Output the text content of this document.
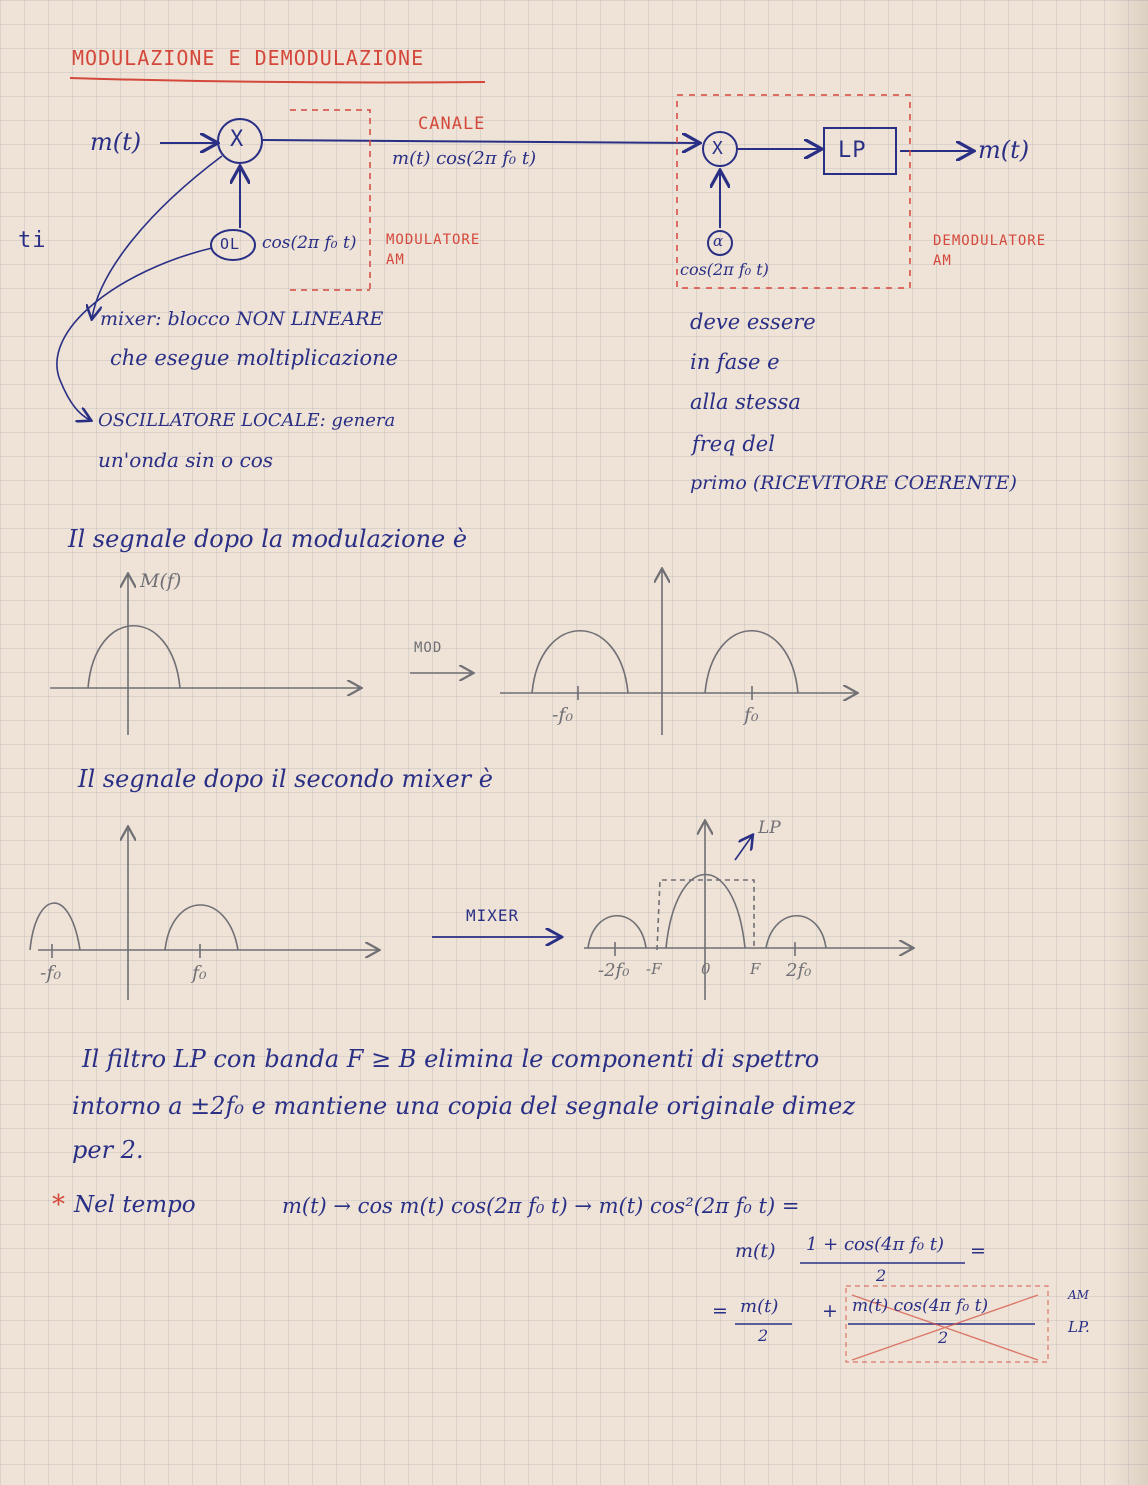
ti
MODULAZIONE E DEMODULAZIONE
m(t)	X
CANALE
m(t) cos(2π f₀ t)
OL cos(2π f₀ t) MODULATORE
AM
X	LP	m(t)
α
cos(2π f₀ t)
DEMODULATORE
AM
mixer: blocco NON LINEARE
che esegue moltiplicazione
OSCILLATORE LOCALE: genera
un'onda sin o cos
deve essere
in fase e
alla stessa
freq del
primo (RICEVITORE COERENTE)
Il segnale dopo la modulazione è
M(f)
MOD
-f₀	f₀
Il segnale dopo il secondo mixer è
-f₀	f₀
MIXER
LP
-2f₀ -F	0	F 2f₀
Il filtro LP con banda F ≥ B elimina le componenti di spettro
intorno a ±2f₀ e mantiene una copia del segnale originale dimez
per 2.
* Nel tempo	m(t) → cos m(t) cos(2π f₀ t) → m(t) cos²(2π f₀ t) =
m(t) 1 + cos(4π f₀ t)
2
=
= m(t)
2
+ m(t) cos(4π f₀ t)
2
AM
LP.
